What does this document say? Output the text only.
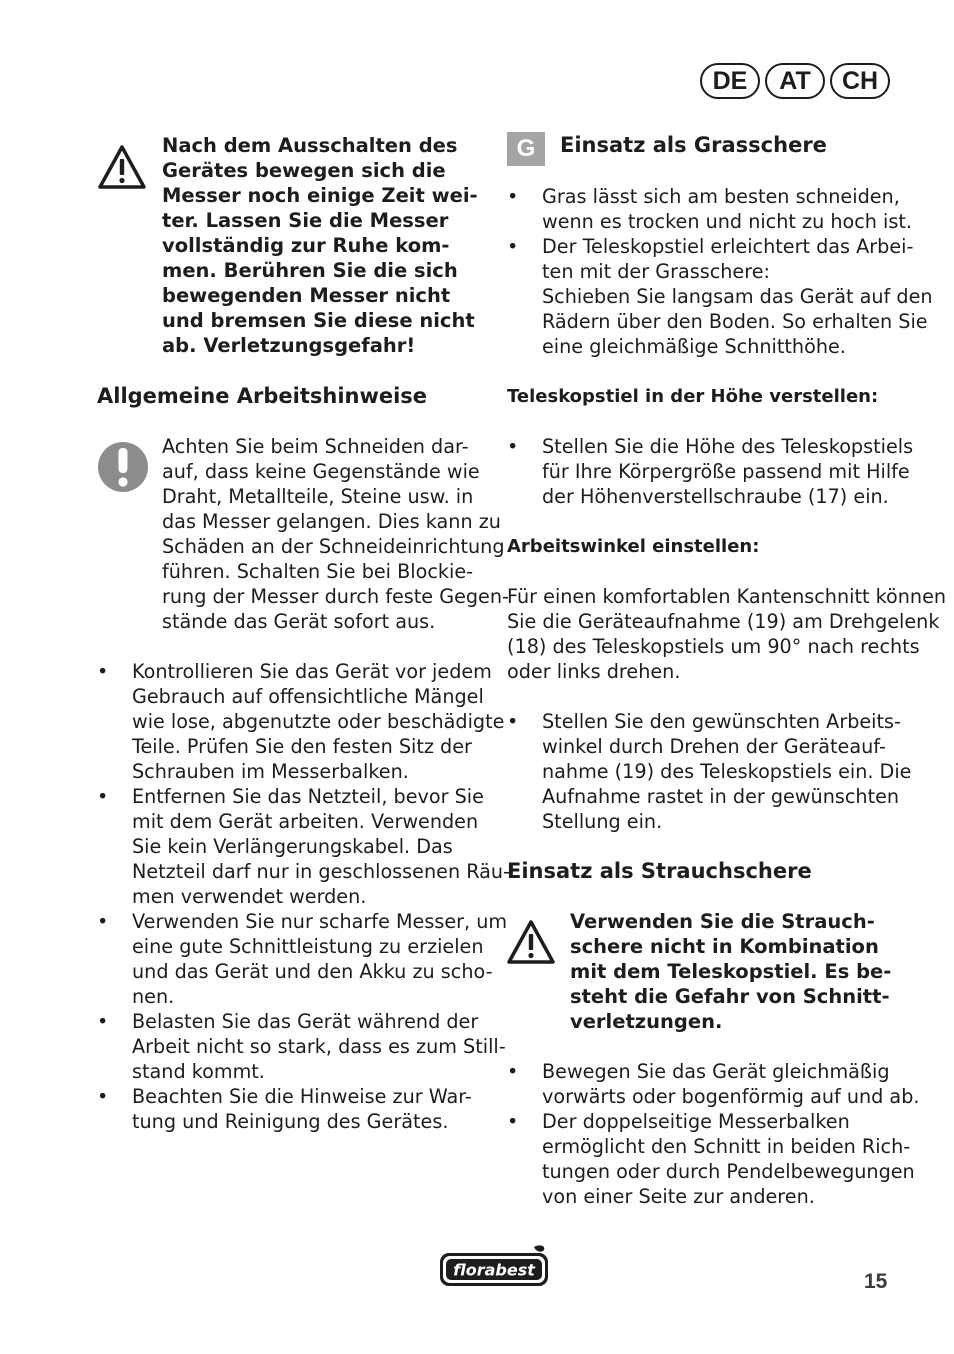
DE	AT	CH
Nach dem Ausschalten des
Gerätes bewegen sich die
Messer noch einige Zeit wei-
ter. Lassen Sie die Messer
vollständig zur Ruhe kom-
men. Berühren Sie die sich
bewegenden Messer nicht
und bremsen Sie diese nicht
ab. Verletzungsgefahr!
Allgemeine Arbeitshinweise
Achten Sie beim Schneiden dar-
auf, dass keine Gegenstände wie
Draht, Metallteile, Steine usw. in
das Messer gelangen. Dies kann zu
Schäden an der Schneideinrichtung
führen. Schalten Sie bei Blockie-
rung der Messer durch feste Gegen-
stände das Gerät sofort aus.
• Kontrollieren Sie das Gerät vor jedem
Gebrauch auf offensichtliche Mängel
wie lose, abgenutzte oder beschädigte
Teile. Prüfen Sie den festen Sitz der
Schrauben im Messerbalken.
• Entfernen Sie das Netzteil, bevor Sie
mit dem Gerät arbeiten. Verwenden
Sie kein Verlängerungskabel. Das
Netzteil darf nur in geschlossenen Räu-
men verwendet werden.
• Verwenden Sie nur scharfe Messer, um
eine gute Schnittleistung zu erzielen
und das Gerät und den Akku zu scho-
nen.
• Belasten Sie das Gerät während der
Arbeit nicht so stark, dass es zum Still-
stand kommt.
• Beachten Sie die Hinweise zur War-
tung und Reinigung des Gerätes.
G	Einsatz als Grasschere
• Gras lässt sich am besten schneiden,
wenn es trocken und nicht zu hoch ist.
• Der Teleskopstiel erleichtert das Arbei-
ten mit der Grasschere:
Schieben Sie langsam das Gerät auf den
Rädern über den Boden. So erhalten Sie
eine gleichmäßige Schnitthöhe.
Teleskopstiel in der Höhe verstellen:
• Stellen Sie die Höhe des Teleskopstiels
für Ihre Körpergröße passend mit Hilfe
der Höhenverstellschraube (17) ein.
Arbeitswinkel einstellen:
Für einen komfortablen Kantenschnitt können
Sie die Geräteaufnahme (19) am Drehgelenk
(18) des Teleskopstiels um 90° nach rechts
oder links drehen.
• Stellen Sie den gewünschten Arbeits-
winkel durch Drehen der Geräteauf-
nahme (19) des Teleskopstiels ein. Die
Aufnahme rastet in der gewünschten
Stellung ein.
Einsatz als Strauchschere
Verwenden Sie die Strauch-
schere nicht in Kombination
mit dem Teleskopstiel. Es be-
steht die Gefahr von Schnitt-
verletzungen.
• Bewegen Sie das Gerät gleichmäßig
vorwärts oder bogenförmig auf und ab.
• Der doppelseitige Messerbalken
ermöglicht den Schnitt in beiden Rich-
tungen oder durch Pendelbewegungen
von einer Seite zur anderen.
florabest	15
